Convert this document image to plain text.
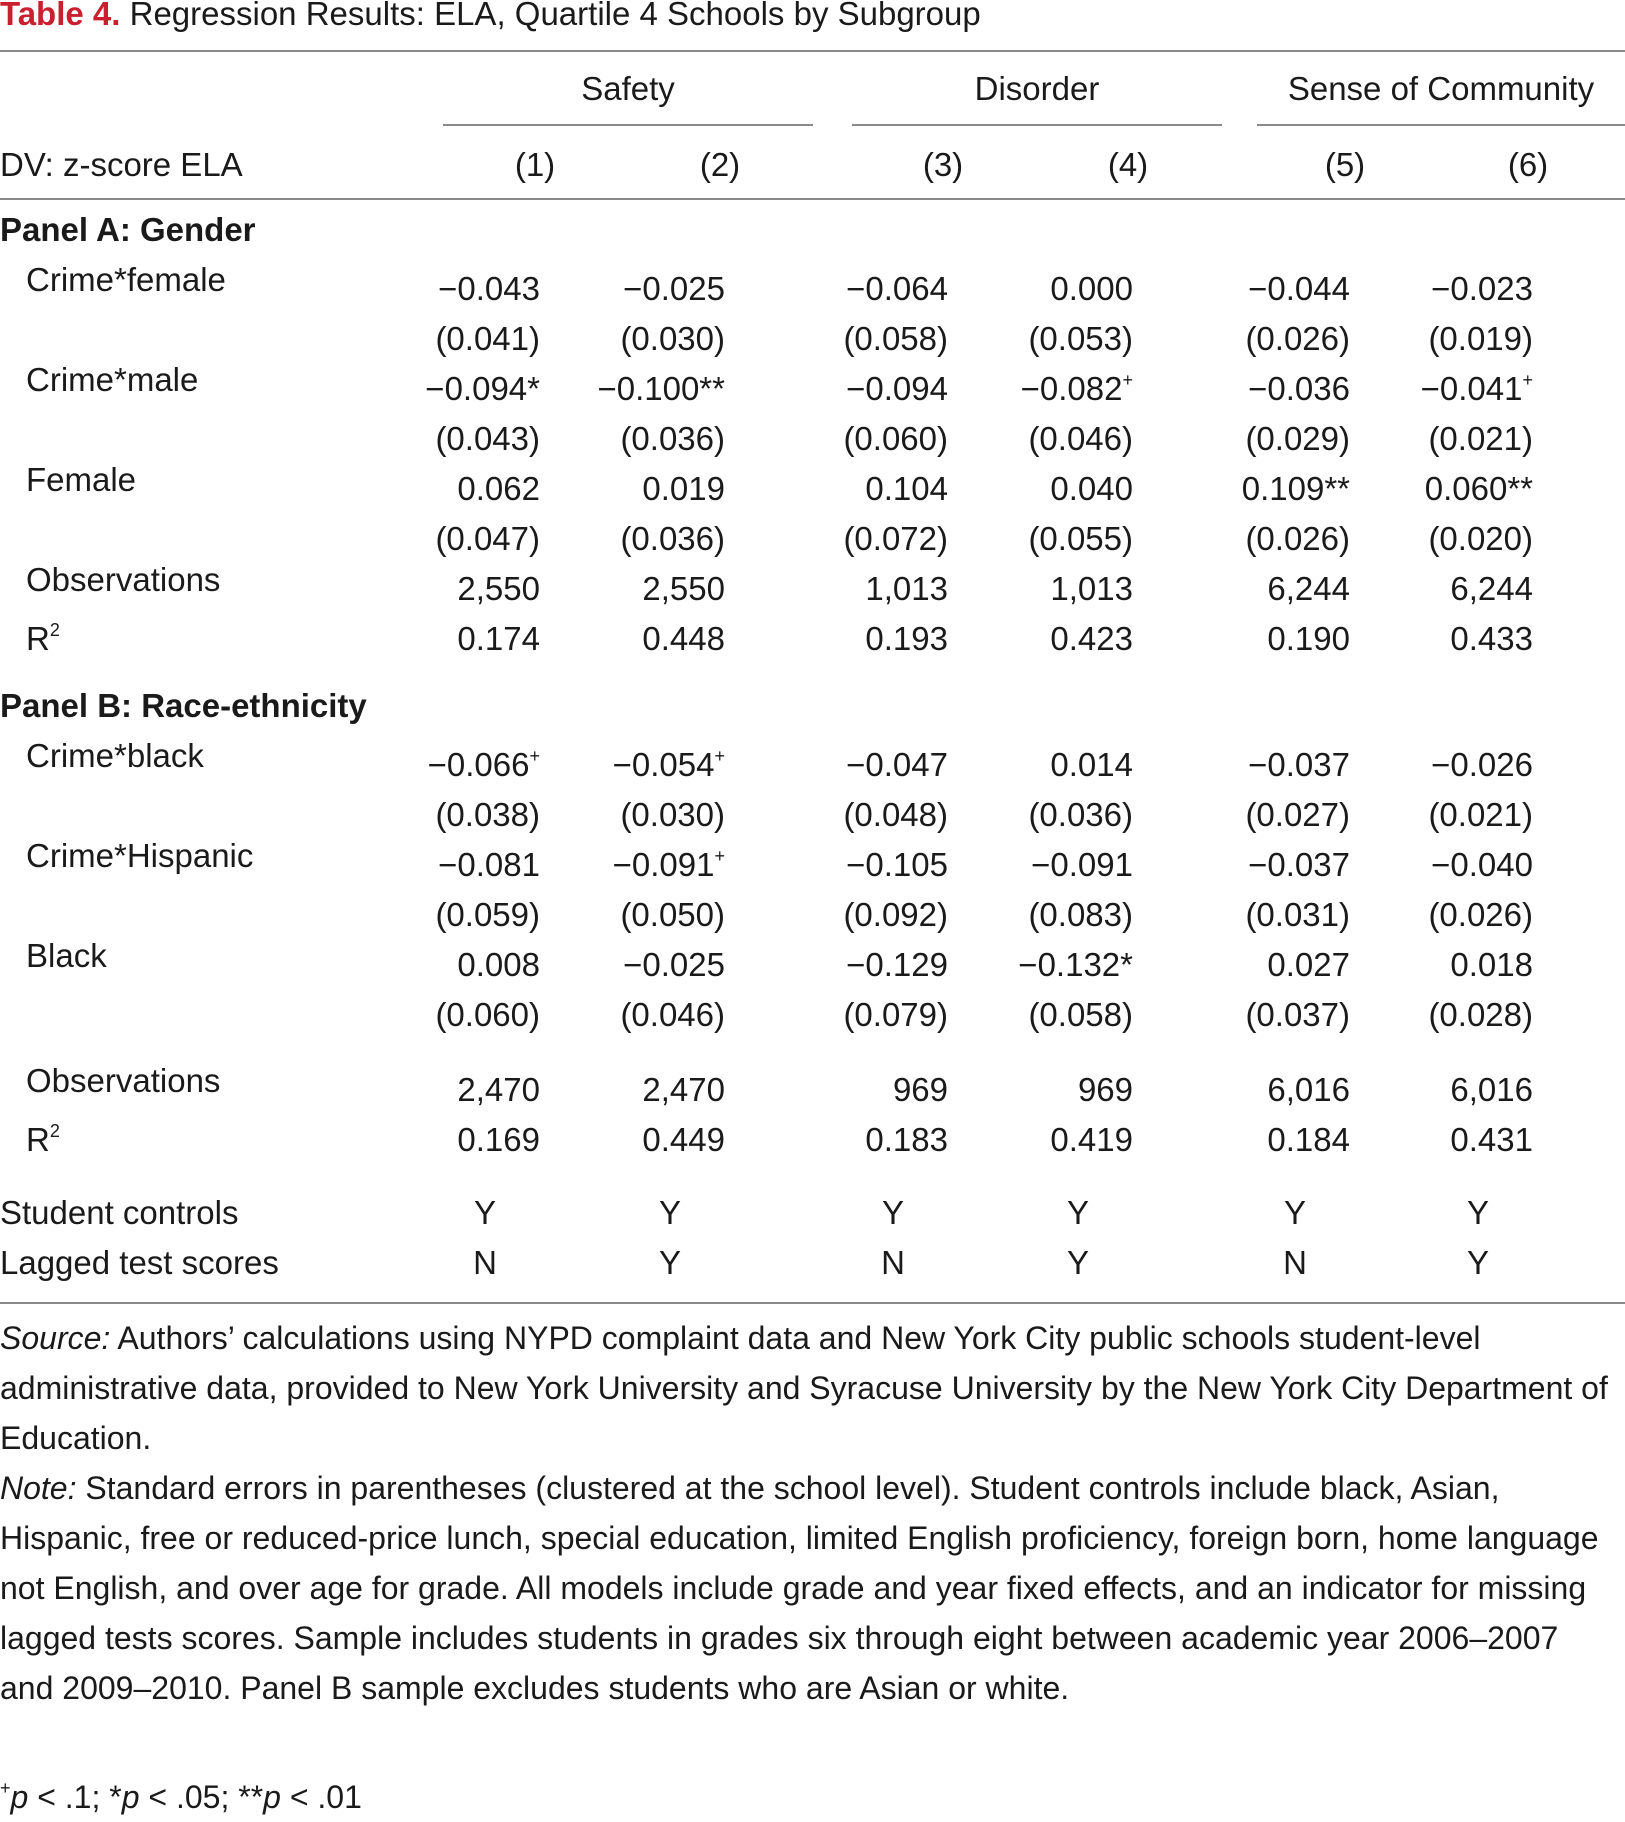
Table 4. Regression Results: ELA, Quartile 4 Schools by Subgroup
Safety	Disorder	Sense of Community
DV: z-score ELA	(1)	(2)	(3)	(4)	(5)	(6)
Panel A: Gender
Crime*female	−0.043	−0.025	−0.064	0.000	−0.044	−0.023
(0.041)	(0.030)	(0.058)	(0.053)	(0.026)	(0.019)
Crime*male	−0.094*	−0.100**	−0.094	−0.082+	−0.036	−0.041+
(0.043)	(0.036)	(0.060)	(0.046)	(0.029)	(0.021)
Female	0.062	0.019	0.104	0.040	0.109**	0.060**
(0.047)	(0.036)	(0.072)	(0.055)	(0.026)	(0.020)
Observations	2,550	2,550	1,013	1,013	6,244	6,244
$R^2$	0.174	0.448	0.193	0.423	0.190	0.433
Panel B: Race-ethnicity
Crime*black	−0.066+	−0.054+	−0.047	0.014	−0.037	−0.026
(0.038)	(0.030)	(0.048)	(0.036)	(0.027)	(0.021)
Crime*Hispanic	−0.081	−0.091+	−0.105	−0.091	−0.037	−0.040
(0.059)	(0.050)	(0.092)	(0.083)	(0.031)	(0.026)
Black	0.008	−0.025	−0.129	−0.132*	0.027	0.018
(0.060)	(0.046)	(0.079)	(0.058)	(0.037)	(0.028)
Observations	2,470	2,470	969	969	6,016	6,016
$R^2$	0.169	0.449	0.183	0.419	0.184	0.431
Student controls	Y	Y	Y	Y	Y	Y
Lagged test scores	N	Y	N	Y	N	Y
Source: Authors’ calculations using NYPD complaint data and New York City public schools student-level administrative data, provided to New York University and Syracuse University by the New York City Department of Education.
Note: Standard errors in parentheses (clustered at the school level). Student controls include black, Asian, Hispanic, free or reduced-price lunch, special education, limited English proficiency, foreign born, home language not English, and over age for grade. All models include grade and year fixed effects, and an indicator for missing lagged tests scores. Sample includes students in grades six through eight between academic year 2006–2007 and 2009–2010. Panel B sample excludes students who are Asian or white.
+p < .1; *p < .05; **p < .01
